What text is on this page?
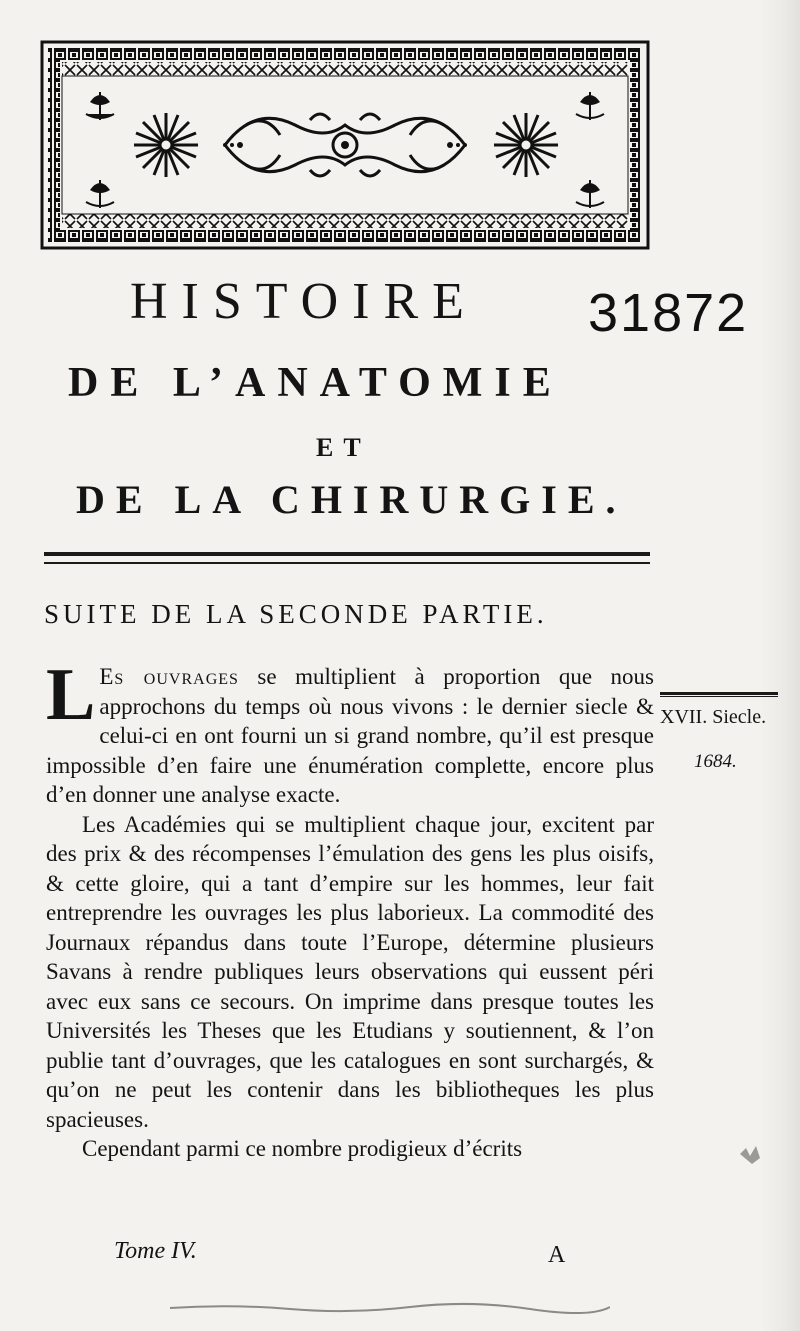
HISTOIRE	31872
DE L’ANATOMIE
ET
DE LA CHIRURGIE.
SUITE DE LA SECONDE PARTIE.

L Es ouvrages se multiplient à proportion que nous approchons du temps où nous vivons : le dernier siecle & celui-ci en ont fourni un si grand nombre, qu’il est presque impossible d’en faire une énumération complette, encore plus d’en donner une analyse exacte.

Les Académies qui se multiplient chaque jour, excitent par des prix & des récompenses l’émulation des gens les plus oisifs, & cette gloire, qui a tant d’empire sur les hommes, leur fait entreprendre les ouvrages les plus laborieux. La commodité des Journaux répandus dans toute l’Europe, détermine plusieurs Savans à rendre publiques leurs observations qui eussent péri avec eux sans ce secours. On imprime dans presque toutes les Universités les Theses que les Etudians y soutiennent, & l’on publie tant d’ouvrages, que les catalogues en sont surchargés, & qu’on ne peut les contenir dans les bibliotheques les plus spacieuses.

Cependant parmi ce nombre prodigieux d’écrits

XVII. Siecle.
1684.
Tome IV.	A
